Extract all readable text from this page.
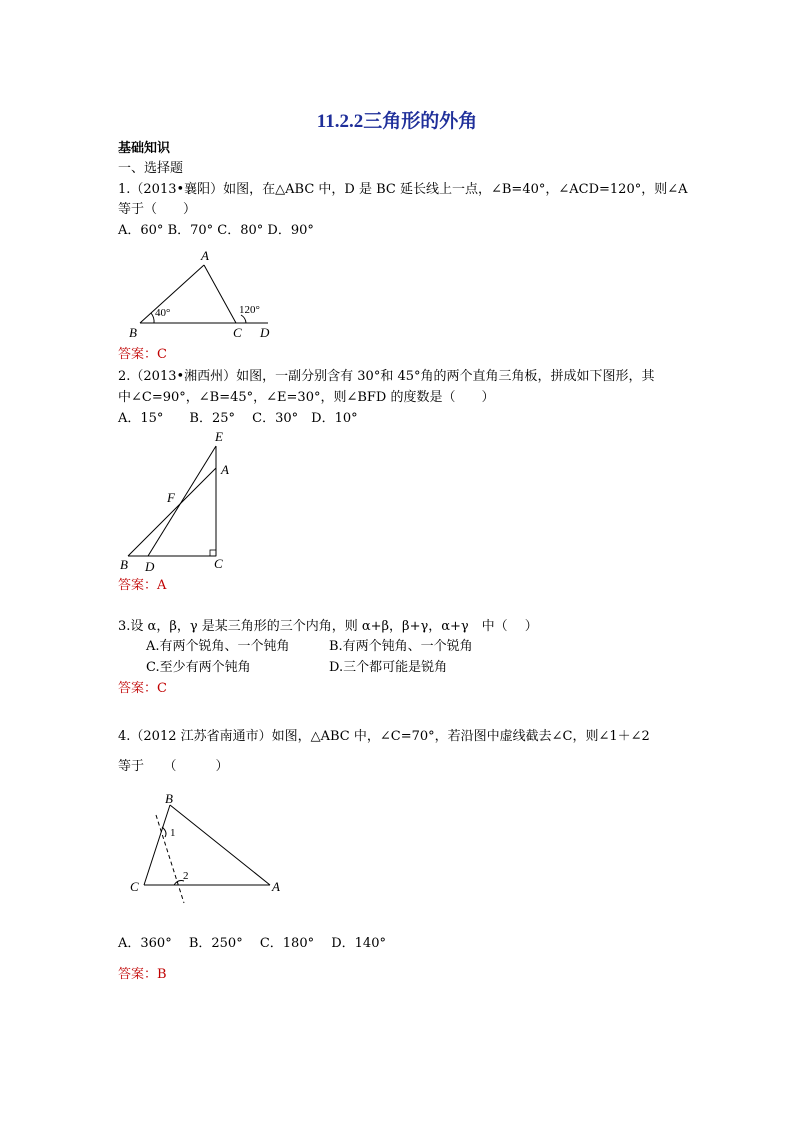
11.2.2三角形的外角
基础知识
一、选择题
1.（2013•襄阳）如图，在△ABC 中，D 是 BC 延长线上一点，∠B=40°，∠ACD=120°，则∠A
等于（　　）
A．60° B．70° C．80° D．90°
A
B	C D
40°	120°
答案：C
2.（2013•湘西州）如图，一副分别含有 30°和 45°角的两个直角三角板，拼成如下图形，其
中∠C=90°，∠B=45°，∠E=30°，则∠BFD 的度数是（　　）
A．15°　　B．25°　 C．30°　D．10°
E
A
F
B D	C
答案：A
3.设 α，β，γ 是某三角形的三个内角，则 α+β，β+γ，α+γ　中（　 ）
A.有两个锐角、一个钝角	B.有两个钝角、一个锐角
C.至少有两个钝角	D.三个都可能是锐角
答案：C
4.（2012 江苏省南通市）如图，△ABC 中，∠C=70°，若沿图中虚线截去∠C，则∠1＋∠2
等于　　（　　　）
B
C	A
1
2
A．360°　 B．250°　 C．180°　 D．140°
答案：B
